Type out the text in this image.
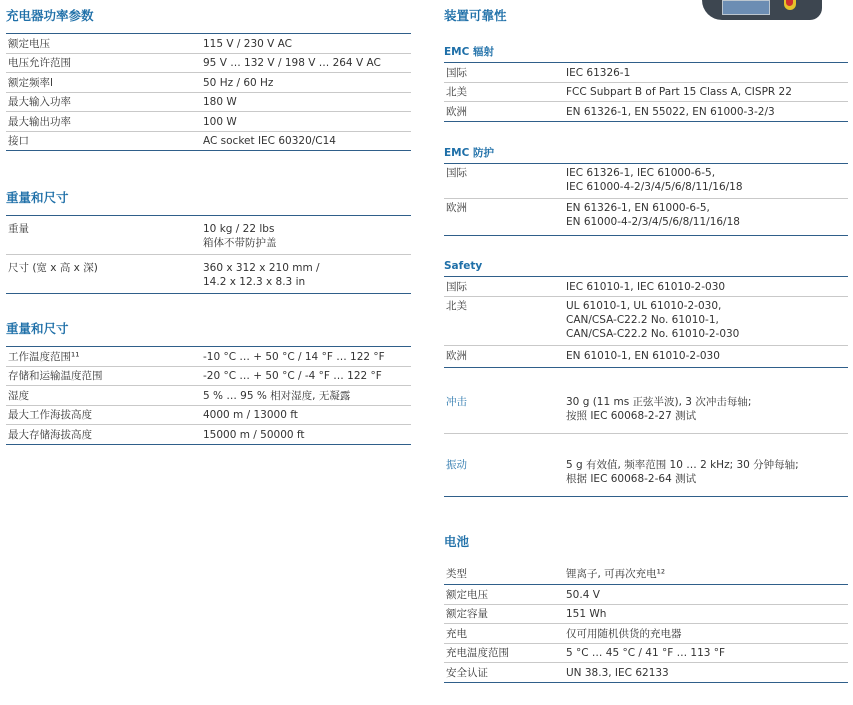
充电器功率参数
额定电压	115 V / 230 V AC
电压允许范围	95 V … 132 V / 198 V … 264 V AC
额定频率l	50 Hz / 60 Hz
最大输入功率	180 W
最大输出功率	100 W
接口	AC socket IEC 60320/C14
重量和尺寸
重量	10 kg / 22 lbs
箱体不带防护盖
尺寸 (宽 x 高 x 深)	360 x 312 x 210 mm /
14.2 x 12.3 x 8.3 in
重量和尺寸
工作温度范围¹¹	-10 °C … + 50 °C / 14 °F … 122 °F
存储和运输温度范围	-20 °C … + 50 °C / -4 °F … 122 °F
湿度	5 % … 95 % 相对湿度, 无凝露
最大工作海拔高度	4000 m / 13000 ft
最大存储海拔高度	15000 m / 50000 ft
装置可靠性
EMC 辐射
国际	IEC 61326-1
北美	FCC Subpart B of Part 15 Class A, CISPR 22
欧洲	EN 61326-1, EN 55022, EN 61000-3-2/3
EMC 防护
国际	IEC 61326-1, IEC 61000-6-5,
IEC 61000-4-2/3/4/5/6/8/11/16/18
欧洲	EN 61326-1, EN 61000-6-5,
EN 61000-4-2/3/4/5/6/8/11/16/18
Safety
国际	IEC 61010-1, IEC 61010-2-030
北美	UL 61010-1, UL 61010-2-030,
CAN/CSA-C22.2 No. 61010-1,
CAN/CSA-C22.2 No. 61010-2-030
欧洲	EN 61010-1, EN 61010-2-030
冲击	30 g (11 ms 正弦半波), 3 次冲击每轴;
按照 IEC 60068-2-27 测试
振动	5 g 有效值, 频率范围 10 … 2 kHz; 30 分钟每轴;
根据 IEC 60068-2-64 测试
电池
类型	锂离子, 可再次充电¹²
额定电压	50.4 V
额定容量	151 Wh
充电	仅可用随机供货的充电器
充电温度范围	5 °C … 45 °C / 41 °F … 113 °F
安全认证	UN 38.3, IEC 62133
